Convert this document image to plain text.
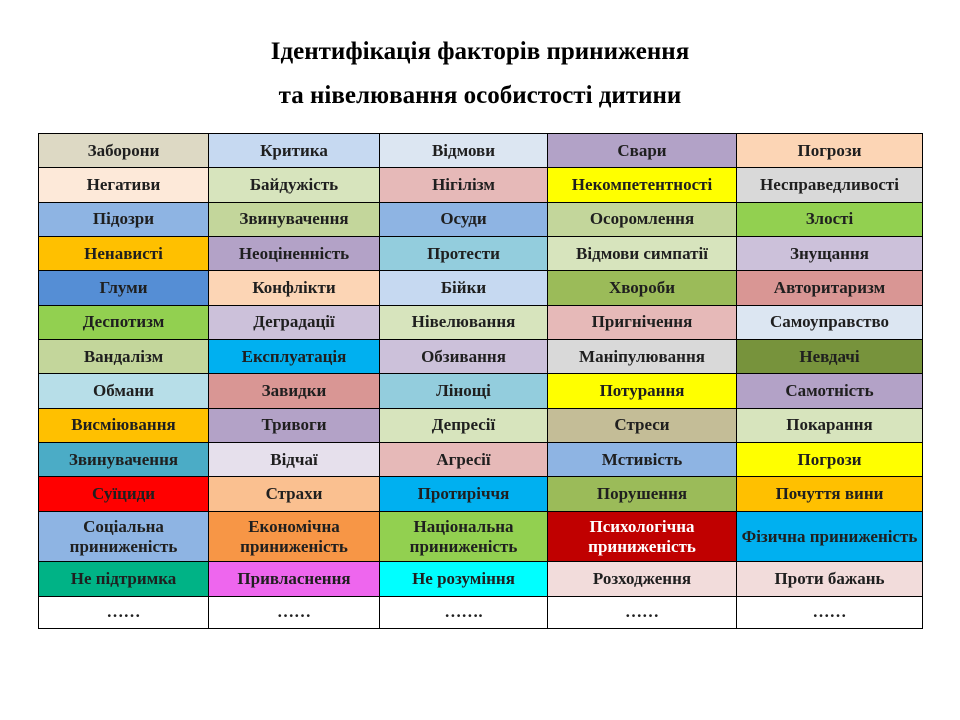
Ідентифікація факторів приниження
та нівелювання особистості дитини
Заборони	Критика	Відмови	Свари	Погрози
Негативи	Байдужість	Нігілізм	Некомпетентності	Несправедливості
Підозри	Звинувачення	Осуди	Осоромлення	Злості
Ненависті	Неоціненність	Протести	Відмови симпатії	Знущання
Глуми	Конфлікти	Бійки	Хвороби	Авторитаризм
Деспотизм	Деградації	Нівелювання	Пригнічення	Самоуправство
Вандалізм	Експлуатація	Обзивання	Маніпулювання	Невдачі
Обмани	Завидки	Лінощі	Потурання	Самотність
Висміювання	Тривоги	Депресії	Стреси	Покарання
Звинувачення	Відчаї	Агресії	Мстивість	Погрози
Суїциди	Страхи	Протиріччя	Порушення	Почуття вини
Соціальна приниженість	Економічна приниженість	Національна приниженість	Психологічна приниженість	Фізична приниженість
Не підтримка	Привласнення	Не розуміння	Розходження	Проти бажань
……	……	…….	……	……
